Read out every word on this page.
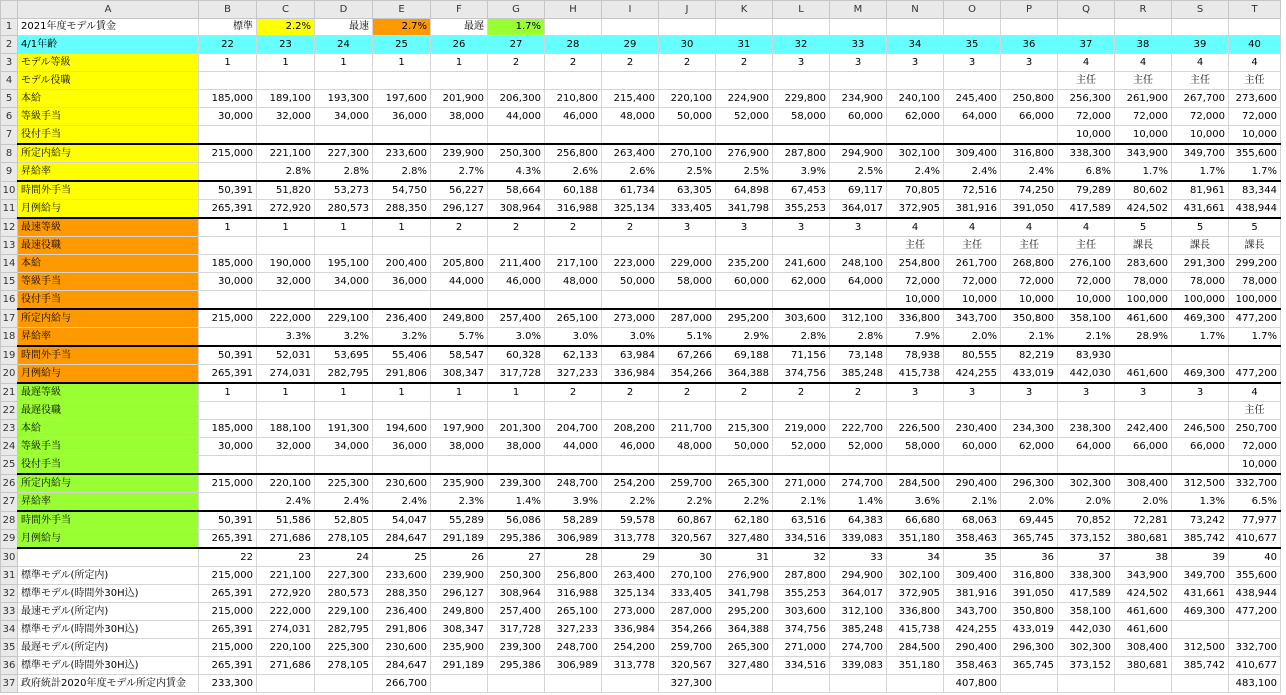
	A	B	C	D	E	F	G	H	I	J	K	L	M	N	O	P	Q	R	S	T
1	2021年度モデル賃金	標準	2.2%	最速	2.7%	最遅	1.7%													
2	4/1年齢	22	23	24	25	26	27	28	29	30	31	32	33	34	35	36	37	38	39	40
3	モデル等級	1	1	1	1	1	2	2	2	2	2	3	3	3	3	3	4	4	4	4
4	モデル役職																主任	主任	主任	主任
5	本給	185,000	189,100	193,300	197,600	201,900	206,300	210,800	215,400	220,100	224,900	229,800	234,900	240,100	245,400	250,800	256,300	261,900	267,700	273,600
6	等級手当	30,000	32,000	34,000	36,000	38,000	44,000	46,000	48,000	50,000	52,000	58,000	60,000	62,000	64,000	66,000	72,000	72,000	72,000	72,000
7	役付手当																10,000	10,000	10,000	10,000
8	所定内給与	215,000	221,100	227,300	233,600	239,900	250,300	256,800	263,400	270,100	276,900	287,800	294,900	302,100	309,400	316,800	338,300	343,900	349,700	355,600
9	昇給率		2.8%	2.8%	2.8%	2.7%	4.3%	2.6%	2.6%	2.5%	2.5%	3.9%	2.5%	2.4%	2.4%	2.4%	6.8%	1.7%	1.7%	1.7%
10	時間外手当	50,391	51,820	53,273	54,750	56,227	58,664	60,188	61,734	63,305	64,898	67,453	69,117	70,805	72,516	74,250	79,289	80,602	81,961	83,344
11	月例給与	265,391	272,920	280,573	288,350	296,127	308,964	316,988	325,134	333,405	341,798	355,253	364,017	372,905	381,916	391,050	417,589	424,502	431,661	438,944
12	最速等級	1	1	1	1	2	2	2	2	3	3	3	3	4	4	4	4	5	5	5
13	最速役職													主任	主任	主任	主任	課長	課長	課長
14	本給	185,000	190,000	195,100	200,400	205,800	211,400	217,100	223,000	229,000	235,200	241,600	248,100	254,800	261,700	268,800	276,100	283,600	291,300	299,200
15	等級手当	30,000	32,000	34,000	36,000	44,000	46,000	48,000	50,000	58,000	60,000	62,000	64,000	72,000	72,000	72,000	72,000	78,000	78,000	78,000
16	役付手当													10,000	10,000	10,000	10,000	100,000	100,000	100,000
17	所定内給与	215,000	222,000	229,100	236,400	249,800	257,400	265,100	273,000	287,000	295,200	303,600	312,100	336,800	343,700	350,800	358,100	461,600	469,300	477,200
18	昇給率		3.3%	3.2%	3.2%	5.7%	3.0%	3.0%	3.0%	5.1%	2.9%	2.8%	2.8%	7.9%	2.0%	2.1%	2.1%	28.9%	1.7%	1.7%
19	時間外手当	50,391	52,031	53,695	55,406	58,547	60,328	62,133	63,984	67,266	69,188	71,156	73,148	78,938	80,555	82,219	83,930			
20	月例給与	265,391	274,031	282,795	291,806	308,347	317,728	327,233	336,984	354,266	364,388	374,756	385,248	415,738	424,255	433,019	442,030	461,600	469,300	477,200
21	最遅等級	1	1	1	1	1	1	2	2	2	2	2	2	3	3	3	3	3	3	4
22	最遅役職																			主任
23	本給	185,000	188,100	191,300	194,600	197,900	201,300	204,700	208,200	211,700	215,300	219,000	222,700	226,500	230,400	234,300	238,300	242,400	246,500	250,700
24	等級手当	30,000	32,000	34,000	36,000	38,000	38,000	44,000	46,000	48,000	50,000	52,000	52,000	58,000	60,000	62,000	64,000	66,000	66,000	72,000
25	役付手当																			10,000
26	所定内給与	215,000	220,100	225,300	230,600	235,900	239,300	248,700	254,200	259,700	265,300	271,000	274,700	284,500	290,400	296,300	302,300	308,400	312,500	332,700
27	昇給率		2.4%	2.4%	2.4%	2.3%	1.4%	3.9%	2.2%	2.2%	2.2%	2.1%	1.4%	3.6%	2.1%	2.0%	2.0%	2.0%	1.3%	6.5%
28	時間外手当	50,391	51,586	52,805	54,047	55,289	56,086	58,289	59,578	60,867	62,180	63,516	64,383	66,680	68,063	69,445	70,852	72,281	73,242	77,977
29	月例給与	265,391	271,686	278,105	284,647	291,189	295,386	306,989	313,778	320,567	327,480	334,516	339,083	351,180	358,463	365,745	373,152	380,681	385,742	410,677
30		22	23	24	25	26	27	28	29	30	31	32	33	34	35	36	37	38	39	40
31	標準モデル(所定内)	215,000	221,100	227,300	233,600	239,900	250,300	256,800	263,400	270,100	276,900	287,800	294,900	302,100	309,400	316,800	338,300	343,900	349,700	355,600
32	標準モデル(時間外30H込)	265,391	272,920	280,573	288,350	296,127	308,964	316,988	325,134	333,405	341,798	355,253	364,017	372,905	381,916	391,050	417,589	424,502	431,661	438,944
33	最速モデル(所定内)	215,000	222,000	229,100	236,400	249,800	257,400	265,100	273,000	287,000	295,200	303,600	312,100	336,800	343,700	350,800	358,100	461,600	469,300	477,200
34	標準モデル(時間外30H込)	265,391	274,031	282,795	291,806	308,347	317,728	327,233	336,984	354,266	364,388	374,756	385,248	415,738	424,255	433,019	442,030	461,600		
35	最遅モデル(所定内)	215,000	220,100	225,300	230,600	235,900	239,300	248,700	254,200	259,700	265,300	271,000	274,700	284,500	290,400	296,300	302,300	308,400	312,500	332,700
36	標準モデル(時間外30H込)	265,391	271,686	278,105	284,647	291,189	295,386	306,989	313,778	320,567	327,480	334,516	339,083	351,180	358,463	365,745	373,152	380,681	385,742	410,677
37	政府統計2020年度モデル所定内賃金	233,300			266,700					327,300					407,800					483,100
